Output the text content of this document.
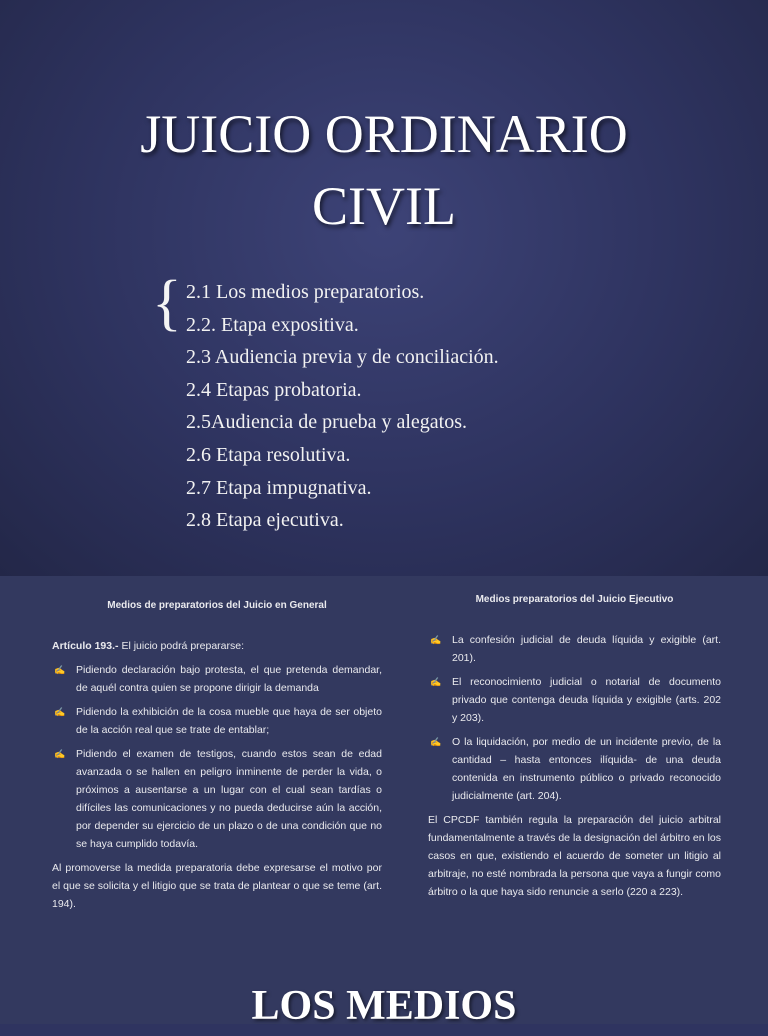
JUICIO ORDINARIO
CIVIL
{ 2.1 Los medios preparatorios.
2.2. Etapa expositiva.
2.3 Audiencia previa y de conciliación.
2.4 Etapas probatoria.
2.5Audiencia de prueba y alegatos.
2.6 Etapa resolutiva.
2.7 Etapa impugnativa.
2.8 Etapa ejecutiva.
Medios de preparatorios del Juicio en General

Artículo 193.- El juicio podrá prepararse:

✍ Pidiendo declaración bajo protesta, el que pretenda demandar, de aquél contra quien se propone dirigir la demanda
✍ Pidiendo la exhibición de la cosa mueble que haya de ser objeto de la acción real que se trate de entablar;
✍ Pidiendo el examen de testigos, cuando estos sean de edad avanzada o se hallen en peligro inminente de perder la vida, o próximos a ausentarse a un lugar con el cual sean tardías o difíciles las comunicaciones y no pueda deducirse aún la acción, por depender su ejercicio de un plazo o de una condición que no se haya cumplido todavía.

Al promoverse la medida preparatoria debe expresarse el motivo por el que se solicita y el litigio que se trata de plantear o que se teme (art. 194).

Medios preparatorios del Juicio Ejecutivo
✍ La confesión judicial de deuda líquida y exigible (art. 201).
✍ El reconocimiento judicial o notarial de documento privado que contenga deuda líquida y exigible (arts. 202 y 203).
✍ O la liquidación, por medio de un incidente previo, de la cantidad – hasta entonces ilíquida- de una deuda contenida en instrumento público o privado reconocido judicialmente (art. 204).

El CPCDF también regula la preparación del juicio arbitral fundamentalmente a través de la designación del árbitro en los casos en que, existiendo el acuerdo de someter un litigio al arbitraje, no esté nombrada la persona que vaya a fungir como árbitro o la que haya sido renuncie a serlo (220 a 223).

LOS MEDIOS
